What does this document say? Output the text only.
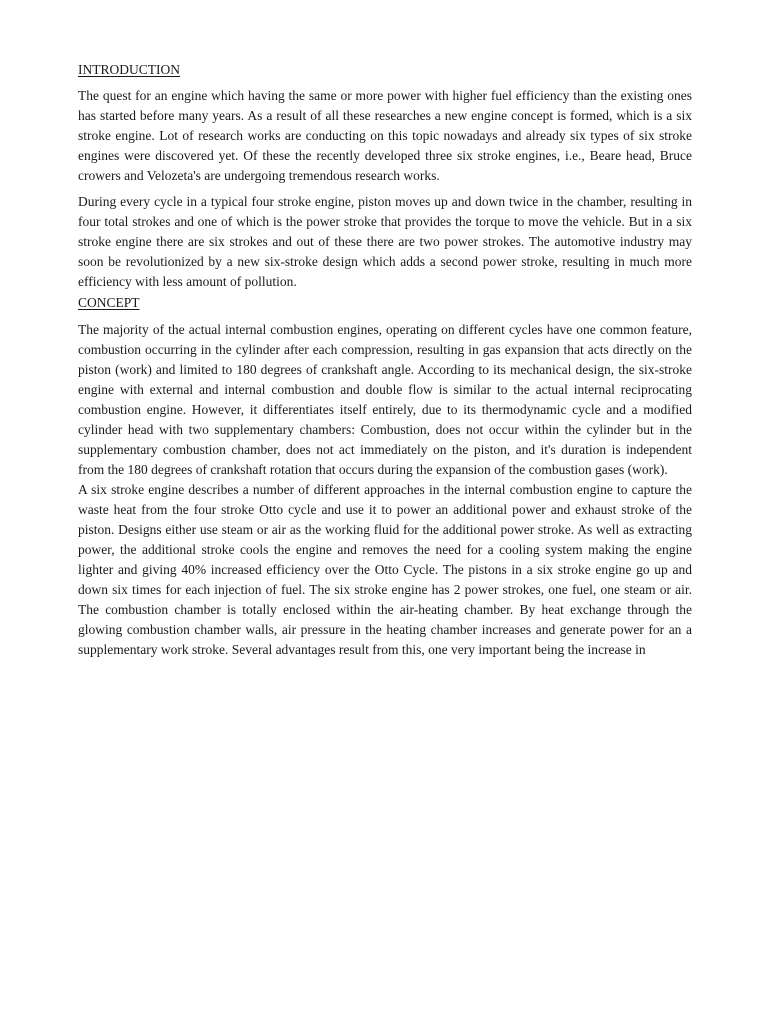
INTRODUCTION

The quest for an engine which having the same or more power with higher fuel efficiency than the existing ones has started before many years. As a result of all these researches a new engine concept is formed, which is a six stroke engine. Lot of research works are conducting on this topic nowadays and already six types of six stroke engines were discovered yet. Of these the recently developed three six stroke engines, i.e., Beare head, Bruce crowers and Velozeta's are undergoing tremendous research works.

During every cycle in a typical four stroke engine, piston moves up and down twice in the chamber, resulting in four total strokes and one of which is the power stroke that provides the torque to move the vehicle. But in a six stroke engine there are six strokes and out of these there are two power strokes. The automotive industry may soon be revolutionized by a new six-stroke design which adds a second power stroke, resulting in much more efficiency with less amount of pollution.

CONCEPT

The majority of the actual internal combustion engines, operating on different cycles have one common feature, combustion occurring in the cylinder after each compression, resulting in gas expansion that acts directly on the piston (work) and limited to 180 degrees of crankshaft angle. According to its mechanical design, the six-stroke engine with external and internal combustion and double flow is similar to the actual internal reciprocating combustion engine. However, it differentiates itself entirely, due to its thermodynamic cycle and a modified cylinder head with two supplementary chambers: Combustion, does not occur within the cylinder but in the supplementary combustion chamber, does not act immediately on the piston, and it's duration is independent from the 180 degrees of crankshaft rotation that occurs during the expansion of the combustion gases (work).

A six stroke engine describes a number of different approaches in the internal combustion engine to capture the waste heat from the four stroke Otto cycle and use it to power an additional power and exhaust stroke of the piston. Designs either use steam or air as the working fluid for the additional power stroke. As well as extracting power, the additional stroke cools the engine and removes the need for a cooling system making the engine lighter and giving 40% increased efficiency over the Otto Cycle. The pistons in a six stroke engine go up and down six times for each injection of fuel. The six stroke engine has 2 power strokes, one fuel, one steam or air. The combustion chamber is totally enclosed within the air-heating chamber. By heat exchange through the glowing combustion chamber walls, air pressure in the heating chamber increases and generate power for an a supplementary work stroke. Several advantages result from this, one very important being the increase in
